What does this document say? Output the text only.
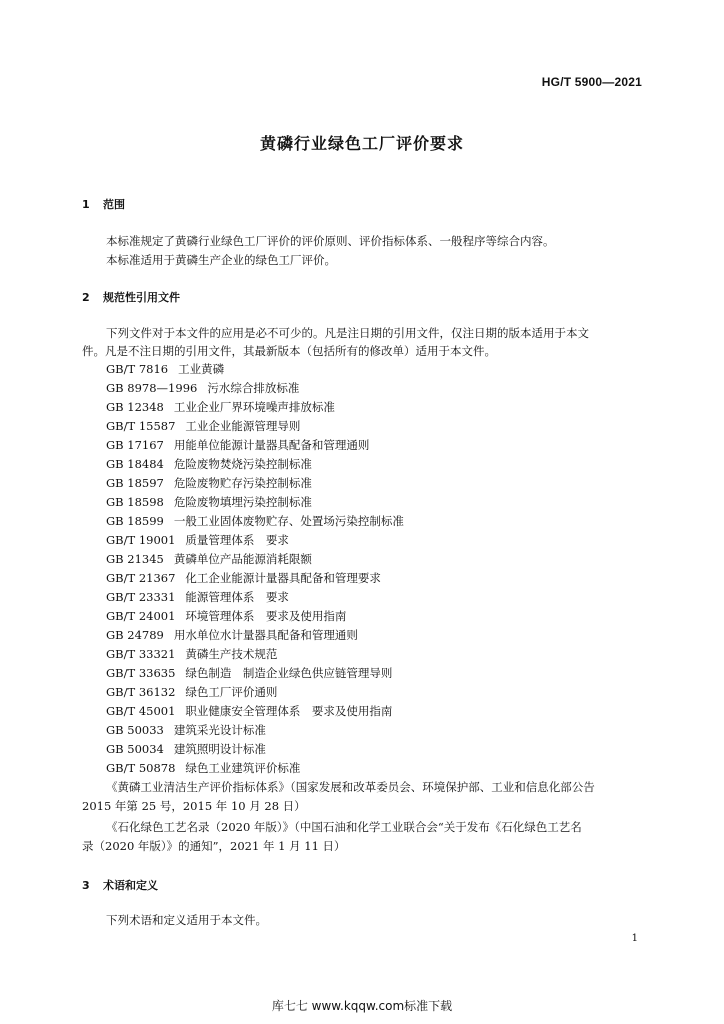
HG/T 5900—2021
黄磷行业绿色工厂评价要求
1 范围
本标准规定了黄磷行业绿色工厂评价的评价原则、评价指标体系、一般程序等综合内容。
本标准适用于黄磷生产企业的绿色工厂评价。
2 规范性引用文件
下列文件对于本文件的应用是必不可少的。凡是注日期的引用文件，仅注日期的版本适用于本文
件。凡是不注日期的引用文件，其最新版本（包括所有的修改单）适用于本文件。
GB/T 7816 工业黄磷
GB 8978—1996 污水综合排放标准
GB 12348 工业企业厂界环境噪声排放标准
GB/T 15587 工业企业能源管理导则
GB 17167 用能单位能源计量器具配备和管理通则
GB 18484 危险废物焚烧污染控制标准
GB 18597 危险废物贮存污染控制标准
GB 18598 危险废物填埋污染控制标准
GB 18599 一般工业固体废物贮存、处置场污染控制标准
GB/T 19001 质量管理体系　要求
GB 21345 黄磷单位产品能源消耗限额
GB/T 21367 化工企业能源计量器具配备和管理要求
GB/T 23331 能源管理体系　要求
GB/T 24001 环境管理体系　要求及使用指南
GB 24789 用水单位水计量器具配备和管理通则
GB/T 33321 黄磷生产技术规范
GB/T 33635 绿色制造　制造企业绿色供应链管理导则
GB/T 36132 绿色工厂评价通则
GB/T 45001 职业健康安全管理体系　要求及使用指南
GB 50033 建筑采光设计标准
GB 50034 建筑照明设计标准
GB/T 50878 绿色工业建筑评价标准
《黄磷工业清洁生产评价指标体系》（国家发展和改革委员会、环境保护部、工业和信息化部公告
2015 年第 25 号，2015 年 10 月 28 日）
《石化绿色工艺名录（2020 年版）》（中国石油和化学工业联合会“关于发布《石化绿色工艺名
录（2020 年版）》的通知”，2021 年 1 月 11 日）
3 术语和定义
下列术语和定义适用于本文件。
1
库七七 www.kqqw.com标准下载
